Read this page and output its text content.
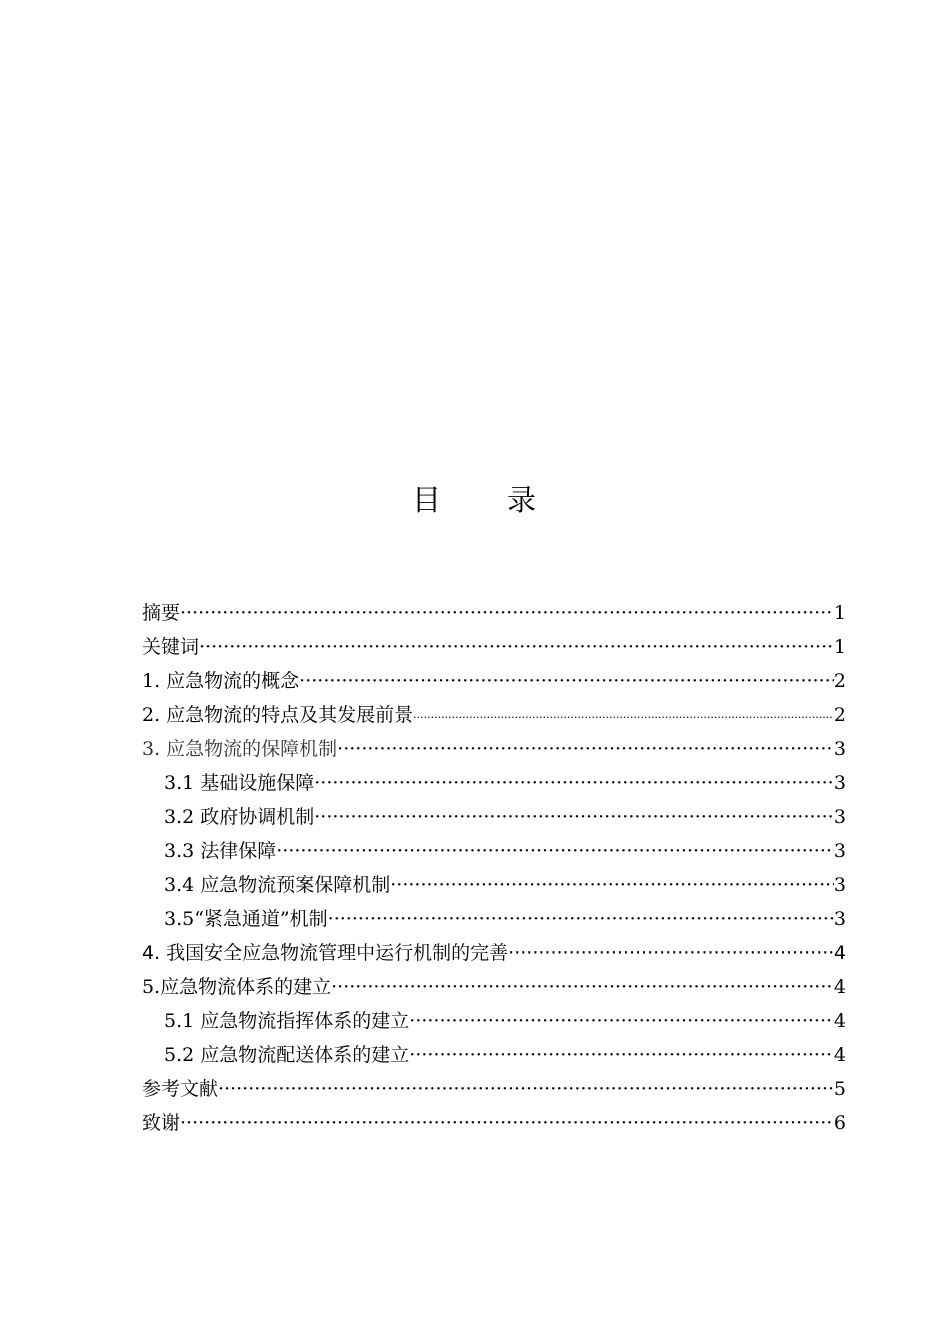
目 录
摘要 ·····	1
关键词 ·····	1
1. 应急物流的概念 ·····	2
2. 应急物流的特点及其发展前景 ·····	2
3. 应急物流的保障机制 ·····	3
3.1 基础设施保障 ·····	3
3.2 政府协调机制 ·····	3
3.3 法律保障 ·····	3
3.4 应急物流预案保障机制 ·····	3
3.5“紧急通道”机制 ·····	3
4. 我国安全应急物流管理中运行机制的完善 ·····	4
5.应急物流体系的建立 ·····	4
5.1 应急物流指挥体系的建立 ·····	4
5.2 应急物流配送体系的建立 ·····	4
参考文献 ·····	5
致谢 ·····	6
